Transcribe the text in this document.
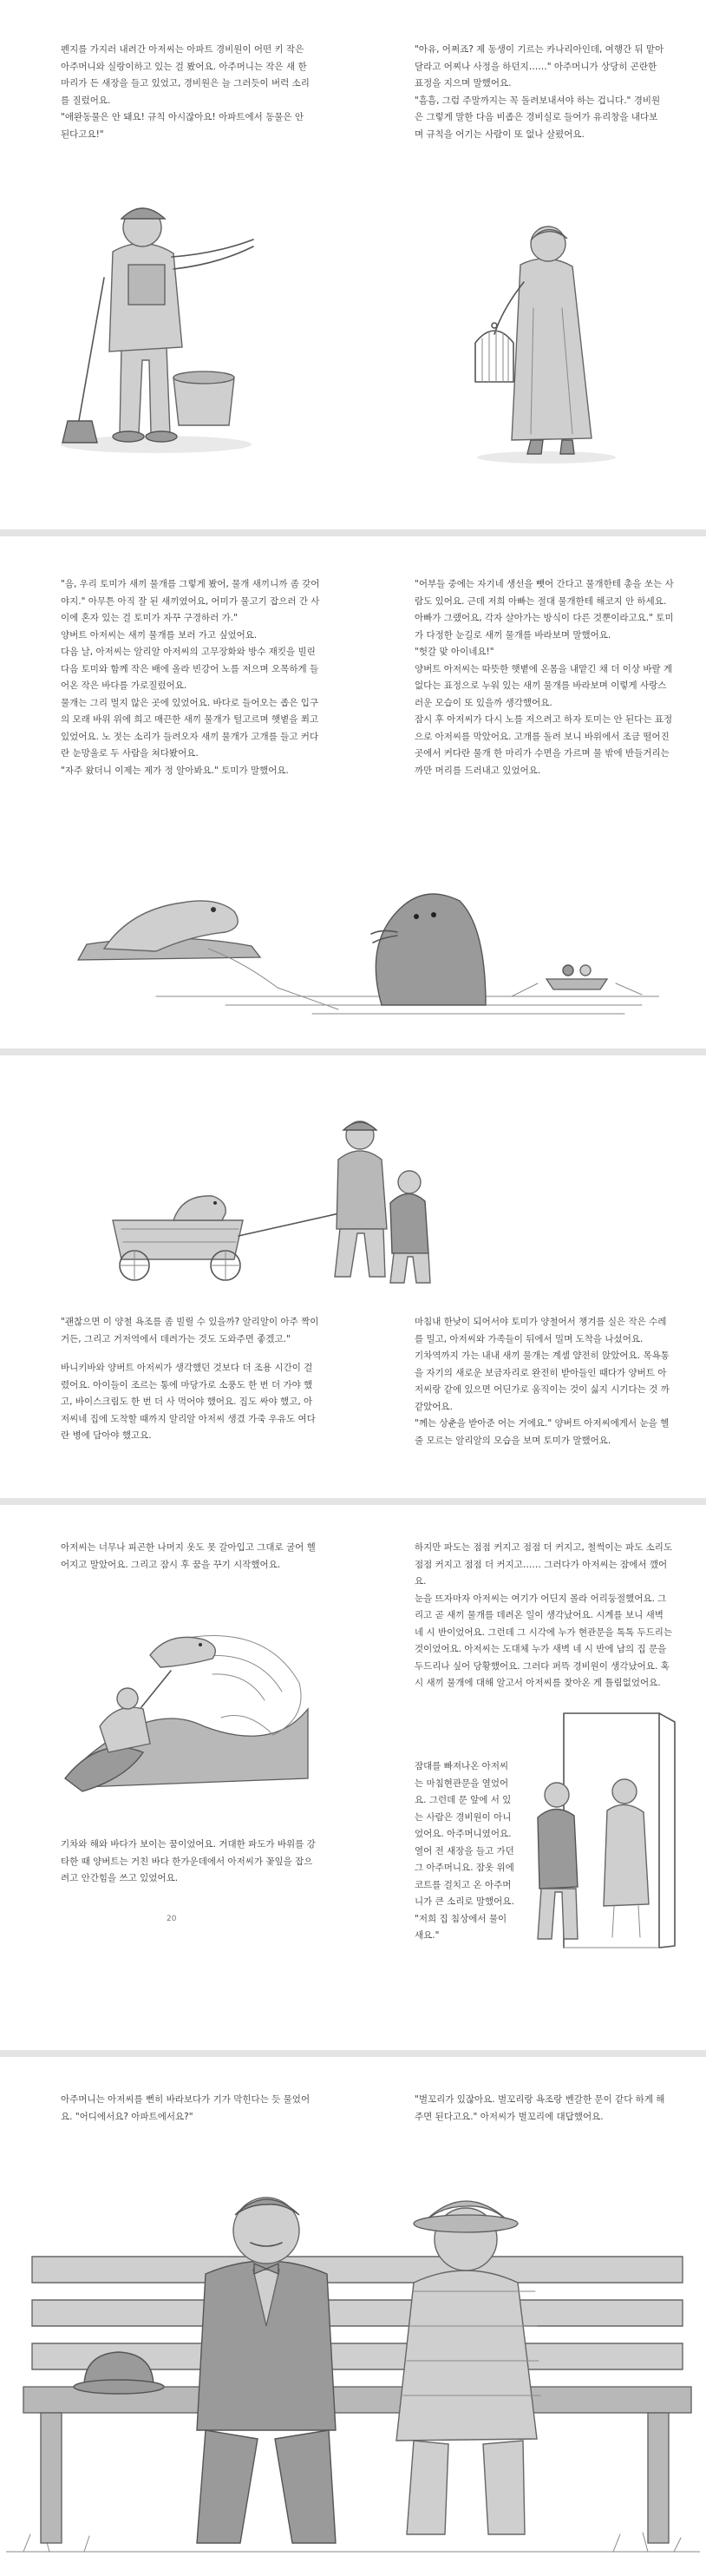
펜지를 가지러 내려간 아저씨는 아파트 경비원이 어떤 키 작은 아주머니와 실랑이하고 있는 걸 봤어요. 아주머니는 작은 새 한 마리가 든 새장을 들고 있었고, 경비원은 늘 그러듯이 버럭 소리를 질렀어요.

"애완동물은 안 돼요! 규칙 아시잖아요! 아파트에서 동물은 안 된다고요!"

"아유, 어쩌죠? 제 동생이 기르는 카나리아인데, 여행간 뒤 맡아 달라고 어찌나 사정을 하던지……" 아주머니가 상당히 곤란한 표정을 지으며 말했어요.

"흠흠, 그럼 주말까지는 꼭 돌려보내셔야 하는 겁니다." 경비원은 그렇게 말한 다음 비좁은 경비실로 들어가 유리창을 내다보며 규칙을 어기는 사람이 또 없나 살폈어요.

"음, 우리 토미가 새끼 물개를 그렇게 봤어, 물개 새끼니까 좀 갖어야지." 아무튼 아직 잘 된 새끼였어요, 어미가 물고기 잡으러 간 사이에 혼자 있는 걸 토미가 자꾸 구경하러 가."

양버트 아저씨는 새끼 물개를 보러 가고 싶었어요.

다음 날, 아저씨는 알리알 아저씨의 고무장화와 방수 재킷을 빌린 다음 토미와 함께 작은 배에 올라 빈강어 노를 저으며 오목하게 들어온 작은 바다를 가로질렀어요.

물개는 그리 멀지 않은 곳에 있었어요. 바다로 들어오는 좁은 입구의 모래 바위 위에 희고 매끈한 새끼 물개가 털고르며 햇볕을 쬐고 있었어요. 노 젓는 소리가 들려오자 새끼 물개가 고개를 들고 커다란 눈망울로 두 사람을 쳐다봤어요.

"자주 왔더니 이제는 제가 정 알아봐요." 토미가 말했어요.

"어부들 중에는 자기네 생선을 뺏어 간다고 물개한테 총을 쏘는 사람도 있어요. 근데 저희 아빠는 절대 물개한테 해코지 안 하세요. 아빠가 그랬어요, 각자 살아가는 방식이 다른 것뿐이라고요." 토미가 다정한 눈길로 새끼 물개를 바라보며 말했어요.

"헛갈 맞 아이네요!"

양버트 아저씨는 따뜻한 햇볕에 온몸을 내맡긴 채 더 이상 바랄 게 없다는 표정으로 누워 있는 새끼 물개를 바라보며 이렇게 사랑스러운 모습이 또 있을까 생각했어요.

잠시 후 아저씨가 다시 노를 저으려고 하자 토미는 안 된다는 표정으로 아저씨를 막았어요. 고개를 돌려 보니 바위에서 조금 떨어진 곳에서 커다란 물개 한 마리가 수면을 가르며 물 밖에 반들거리는 까만 머리를 드러내고 있었어요.

"괜찮으면 이 양철 욕조를 좀 빌릴 수 있을까? 알리알이 아주 짝이거든, 그리고 거저역에서 데려가는 것도 도와주면 좋겠고."

바니키바와 양버트 아저씨가 생각했던 것보다 더 조용 시간이 걸렸어요. 아이들이 조르는 통에 마당가로 소풍도 한 번 더 가야 했고, 바이스크림도 한 번 더 사 먹어야 했어요. 집도 싸야 했고, 아저씨네 집에 도착할 때까지 알리알 아저씨 생겼 가죽 우유도 여다란 병에 담아야 했고요.

마침내 한낮이 되어서야 토미가 양철어서 챙겨를 실은 작은 수레를 밀고, 아저씨와 가족들이 뒤에서 밀며 도착을 나섰어요.

기차역까지 가는 내내 새끼 물개는 계셈 얌전히 앉았어요. 목욕통을 자기의 새로운 보금자리로 완전히 받아들인 때다가 양버트 아저씨랑 같에 있으면 어딘가로 움직이는 것이 싫지 시기다는 것 까 같았어요.

"께는 상춘을 받아준 어는 거에요." 양버트 아저씨에게서 눈을 헬 줄 모르는 알리알의 모습을 보며 토미가 말했어요.

아저씨는 너무나 피곤한 나머지 옷도 못 갈아입고 그대로 굴어 헬어지고 말았어요. 그리고 잠시 후 꿈을 꾸기 시작했어요.

기차와 해와 바다가 보이는 꿈이었어요. 거대한 파도가 바위를 강타한 때 양버트는 거친 바다 한가운데에서 아저씨가 꽃잎을 잡으려고 안간힘을 쓰고 있었어요.

20

하지만 파도는 점점 커지고 점점 더 커지고, 철썩이는 파도 소리도 점점 커지고 점점 더 커지고…… 그러다가 아저씨는 잠에서 깼어요.

눈을 뜨자마자 아저씨는 여기가 어딘지 몰라 어리둥절했어요. 그리고 곧 새끼 물개를 데려온 일이 생각났어요. 시계를 보니 새벽 네 시 반이었어요. 그런데 그 시각에 누가 현관문을 톡톡 두드리는 것이었어요. 아저씨는 도대체 누가 새벽 네 시 반에 남의 집 문을 두드리나 싶어 당황했어요. 그러다 퍼뜩 경비원이 생각났어요. 혹시 새끼 물개에 대해 알고서 아저씨를 찾아온 게 틀림없었어요.

잠대를 빠져나온 아저씨는 마침현관문을 열었어요. 그런데 문 앞에 서 있는 사람은 경비원이 아니었어요. 아주머니였어요. 열어 전 새장을 들고 가던 그 아주머니요. 잠옷 위에 코트를 걸치고 온 아주머니가 큰 소리로 말했어요.

"저희 집 침상에서 물이 새요."

아주머니는 아저씨를 뻔히 바라보다가 기가 막힌다는 듯 물었어요. "어디에서요? 아파트에서요?"

"벌꼬리가 있잖아요. 벌꼬리랑 욕조랑 벤갈한 문이 같다 하게 해 주면 된다고요." 아저씨가 벌꼬리에 대답했어요.
